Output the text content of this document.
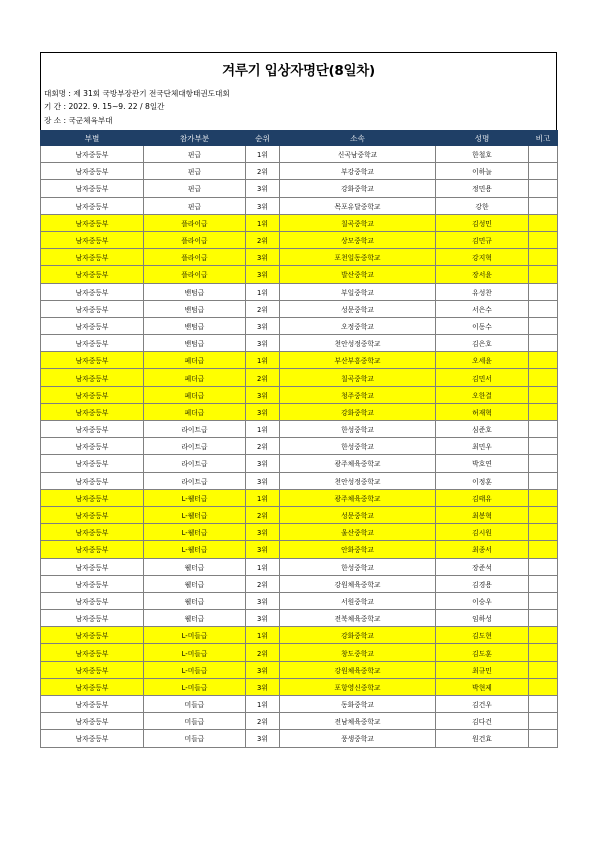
겨루기 입상자명단(8일차)
대회명 : 제 31회 국방부장관기 전국단체대항태권도대회
기 간 : 2022. 9. 15~9. 22 / 8일간
장 소 : 국군체육부대
부별	참가부분	순위	소속	성명	비고
남자중등부	핀급	1위	신곡남중학교	한철호	
남자중등부	핀급	2위	부강중학교	이하늘	
남자중등부	핀급	3위	강화중학교	정민용	
남자중등부	핀급	3위	목포유달중학교	강한	
남자중등부	플라이급	1위	칠곡중학교	김성민	
남자중등부	플라이급	2위	상모중학교	김민규	
남자중등부	플라이급	3위	포천일동중학교	강지혁	
남자중등부	플라이급	3위	발산중학교	장서윤	
남자중등부	밴텀급	1위	부일중학교	유성찬	
남자중등부	밴텀급	2위	성문중학교	서은수	
남자중등부	밴텀급	3위	오정중학교	이동수	
남자중등부	밴텀급	3위	천안성정중학교	김은호	
남자중등부	페더급	1위	부산부흥중학교	오세윤	
남자중등부	페더급	2위	칠곡중학교	김민서	
남자중등부	페더급	3위	청주중학교	오한결	
남자중등부	페더급	3위	강화중학교	허재혁	
남자중등부	라이트급	1위	한성중학교	심준호	
남자중등부	라이트급	2위	한성중학교	최민우	
남자중등부	라이트급	3위	광주체육중학교	박호연	
남자중등부	라이트급	3위	천안성정중학교	이정훈	
남자중등부	L-웰터급	1위	광주체육중학교	김태유	
남자중등부	L-웰터급	2위	성문중학교	최봉혁	
남자중등부	L-웰터급	3위	울산중학교	김시원	
남자중등부	L-웰터급	3위	안화중학교	최종서	
남자중등부	웰터급	1위	한성중학교	장준석	
남자중등부	웰터급	2위	강원체육중학교	김경용	
남자중등부	웰터급	3위	서원중학교	이승우	
남자중등부	웰터급	3위	전북체육중학교	임하성	
남자중등부	L-미들급	1위	강화중학교	김도현	
남자중등부	L-미들급	2위	창도중학교	김도훈	
남자중등부	L-미들급	3위	강원체육중학교	최규민	
남자중등부	L-미들급	3위	포항영신중학교	박현제	
남자중등부	미들급	1위	동화중학교	김건우	
남자중등부	미들급	2위	전남체육중학교	김다건	
남자중등부	미들급	3위	풍생중학교	원건효	
